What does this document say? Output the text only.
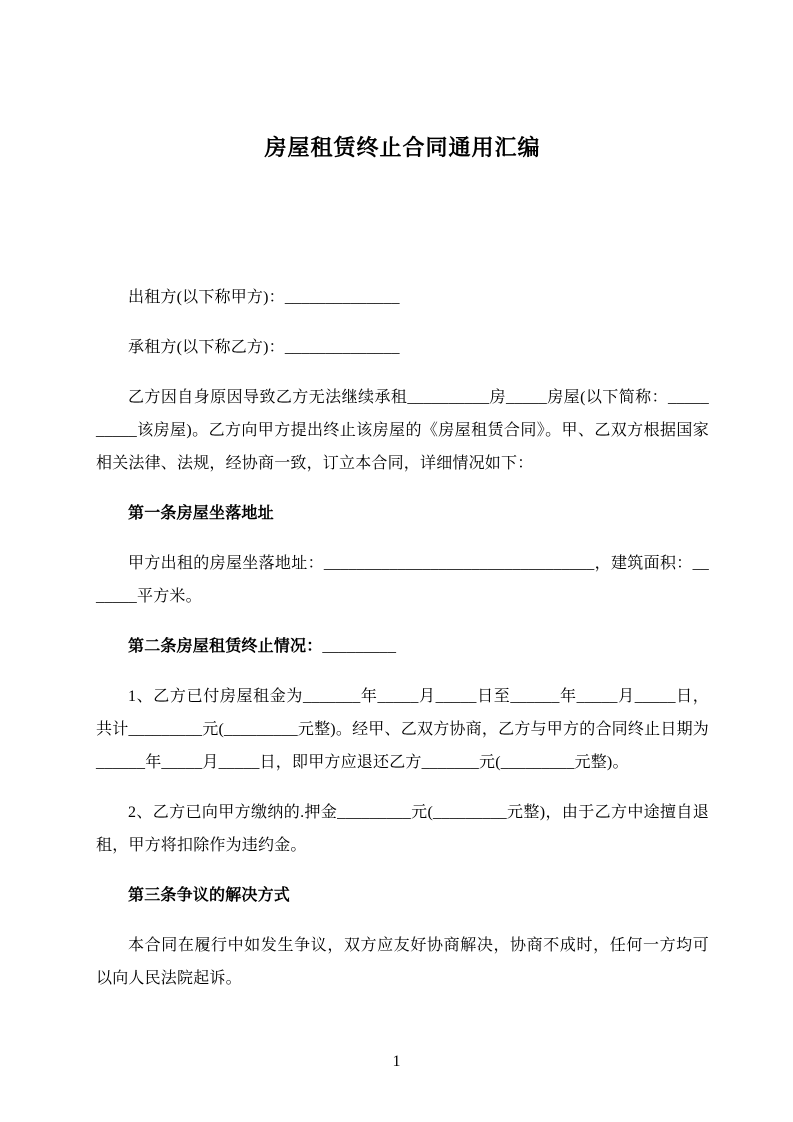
房屋租赁终止合同通用汇编

出租方(以下称甲方)：______________

承租方(以下称乙方)：______________

乙方因自身原因导致乙方无法继续承租__________房_____房屋(以下简称：__________该房屋)。乙方向甲方提出终止该房屋的《房屋租赁合同》。甲、乙双方根据国家相关法律、法规，经协商一致，订立本合同，详细情况如下：

第一条房屋坐落地址

甲方出租的房屋坐落地址：_________________________________，建筑面积：_______平方米。

第二条房屋租赁终止情况：_________

1、乙方已付房屋租金为_______年_____月_____日至______年_____月_____日，共计_________元(_________元整)。经甲、乙双方协商，乙方与甲方的合同终止日期为______年_____月_____日，即甲方应退还乙方_______元(_________元整)。

2、乙方已向甲方缴纳的.押金_________元(_________元整)，由于乙方中途擅自退租，甲方将扣除作为违约金。

第三条争议的解决方式

本合同在履行中如发生争议，双方应友好协商解决，协商不成时，任何一方均可以向人民法院起诉。

1
